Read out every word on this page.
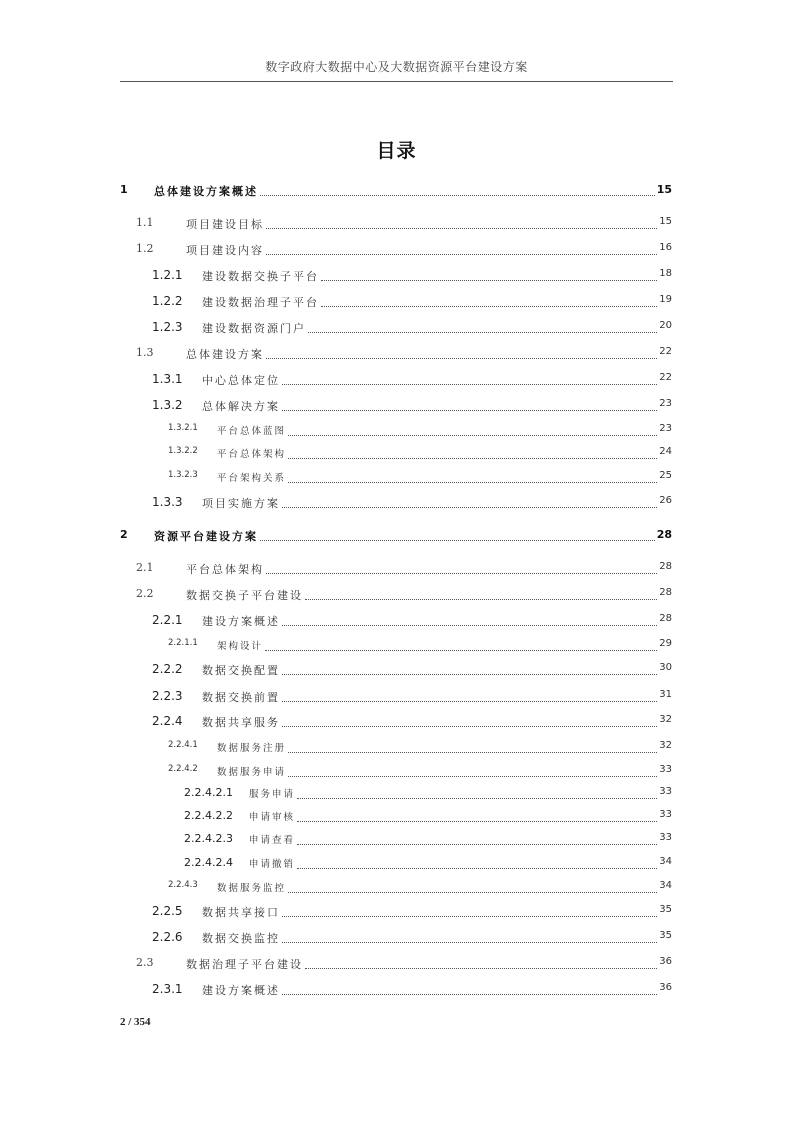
数字政府大数据中心及大数据资源平台建设方案
目录
1 总体建设方案概述	15
1.1	项目建设目标	15
1.2	项目建设内容	16
1.2.1 建设数据交换子平台	18
1.2.2 建设数据治理子平台	19
1.2.3 建设数据资源门户	20
1.3	总体建设方案	22
1.3.1 中心总体定位	22
1.3.2 总体解决方案	23
1.3.2.1 平台总体蓝图	23
1.3.2.2 平台总体架构	24
1.3.2.3 平台架构关系	25
1.3.3 项目实施方案	26
2 资源平台建设方案	28
2.1	平台总体架构	28
2.2	数据交换子平台建设	28
2.2.1 建设方案概述	28
2.2.1.1 架构设计	29
2.2.2 数据交换配置	30
2.2.3 数据交换前置	31
2.2.4 数据共享服务	32
2.2.4.1 数据服务注册	32
2.2.4.2 数据服务申请	33
2.2.4.2.1 服务申请	33
2.2.4.2.2 申请审核	33
2.2.4.2.3 申请查看	33
2.2.4.2.4 申请撤销	34
2.2.4.3 数据服务监控	34
2.2.5 数据共享接口	35
2.2.6 数据交换监控	35
2.3	数据治理子平台建设	36
2.3.1 建设方案概述	36
2 / 354
